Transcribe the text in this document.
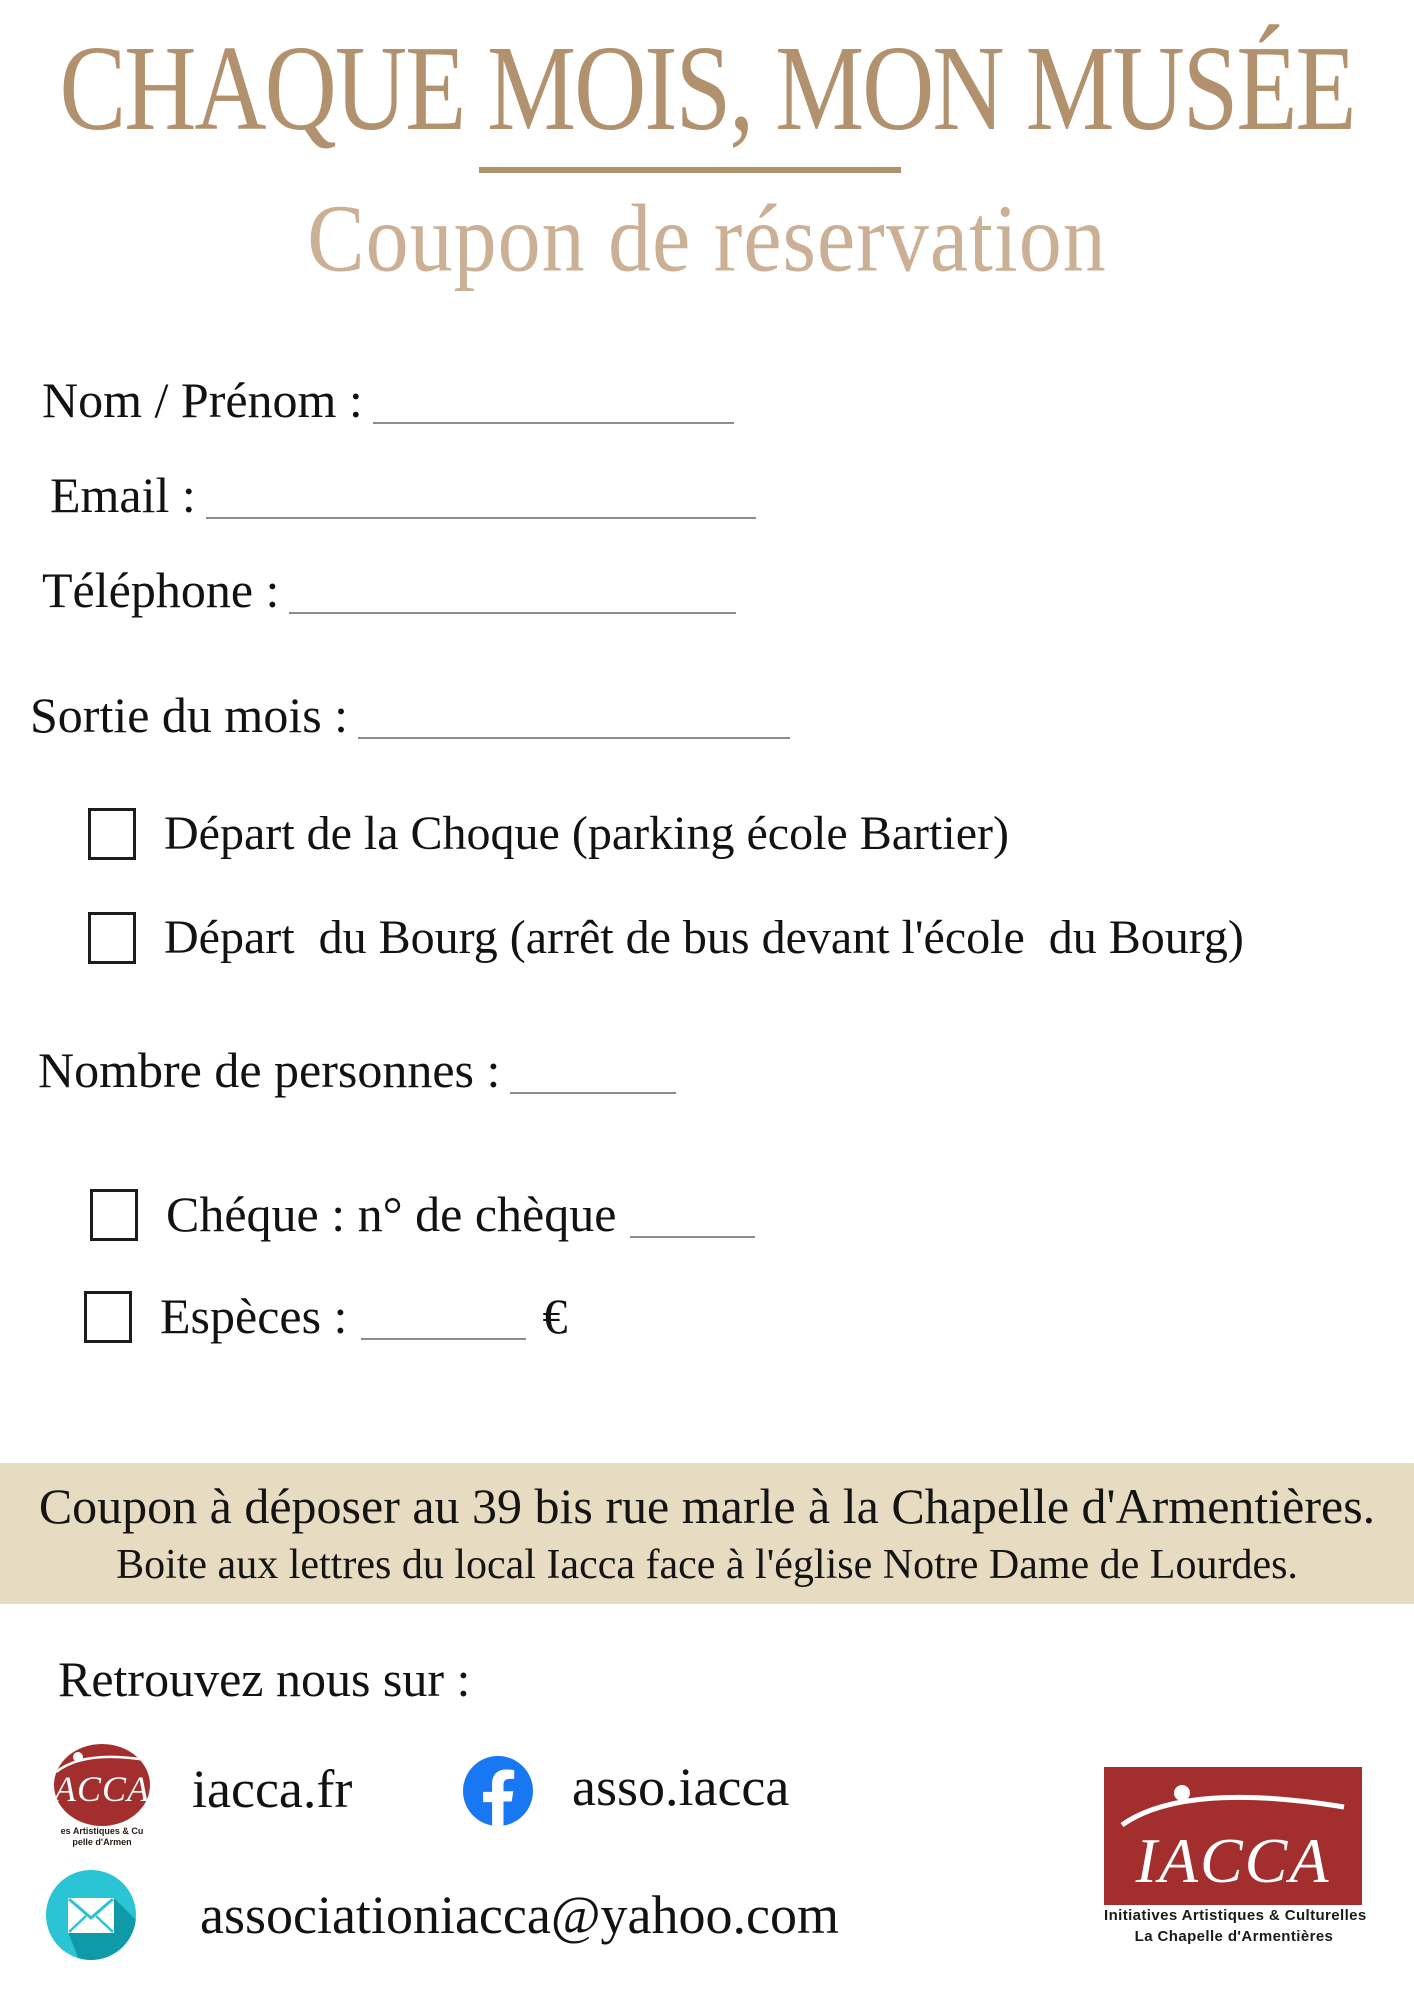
CHAQUE MOIS, MON MUSÉE
Coupon de réservation
Nom / Prénom :
Email :
Téléphone :
Sortie du mois :
Départ de la Choque (parking école Bartier)
Départ  du Bourg (arrêt de bus devant l'école  du Bourg)
Nombre de personnes :
Chéque : n° de chèque
Espèces :	€
Coupon à déposer au 39 bis rue marle à la Chapelle d'Armentières.
Boite aux lettres du local Iacca face à l'église Notre Dame de Lourdes.
Retrouvez nous sur :
ACCA
es Artistiques & Cu
pelle d'Armen
iacca.fr	asso.iacca
associationiacca@yahoo.com
IACCA
Initiatives Artistiques & Culturelles
La Chapelle d'Armentières
